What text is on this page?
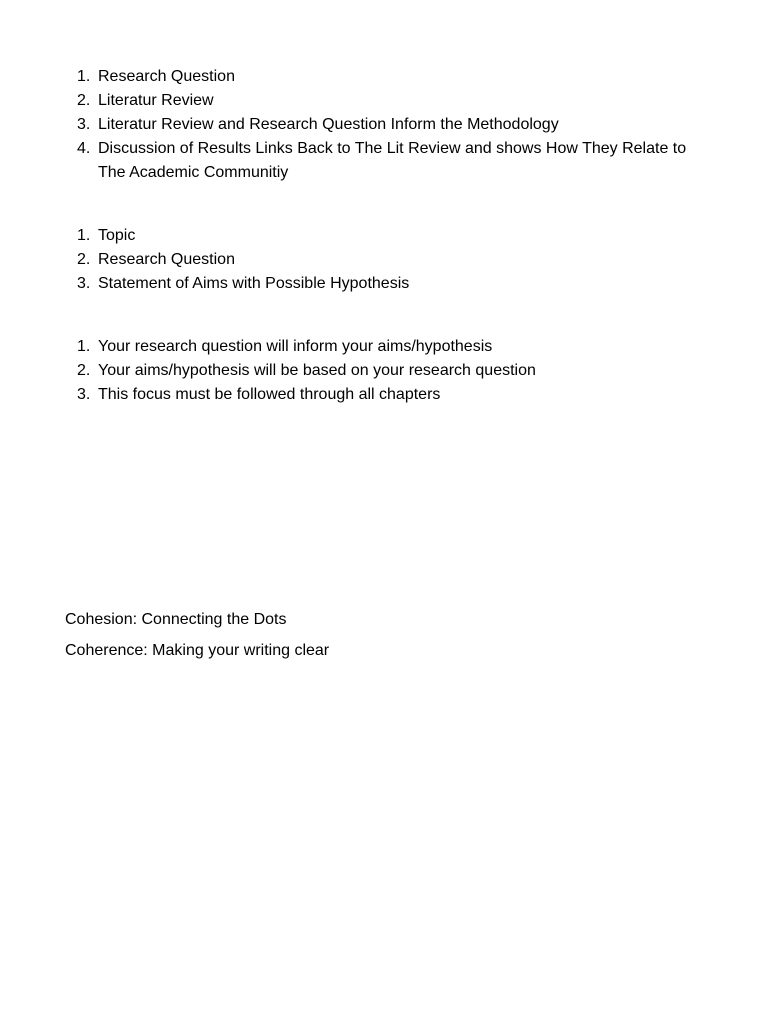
1. Research Question
2. Literatur Review
3. Literatur Review and Research Question Inform the Methodology
4. Discussion of Results Links Back to The Lit Review and shows How They Relate to The Academic Communitiy
1. Topic
2. Research Question
3. Statement of Aims with Possible Hypothesis
1. Your research question will inform your aims/hypothesis
2. Your aims/hypothesis will be based on your research question
3. This focus must be followed through all chapters

Cohesion: Connecting the Dots

Coherence: Making your writing clear
